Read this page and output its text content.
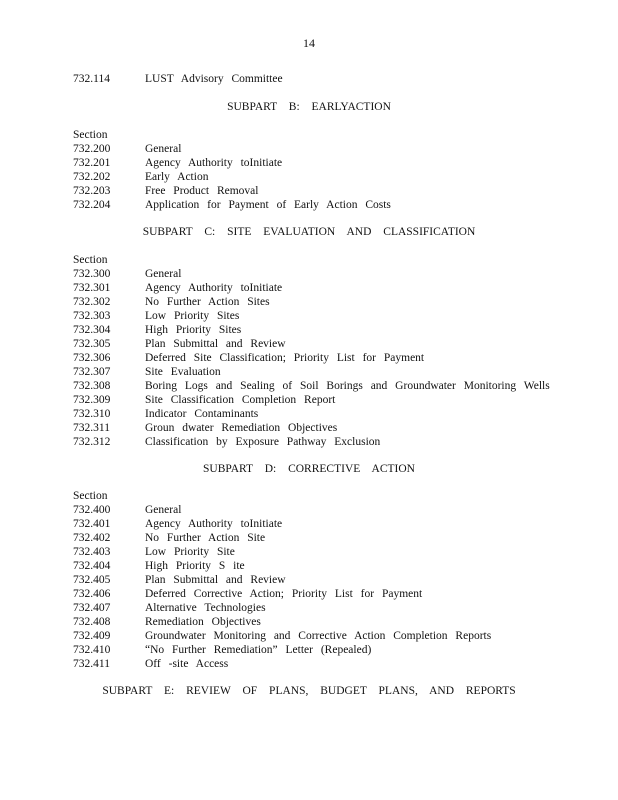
14
732.114	LUST Advisory Committee
SUBPART B: EARLYACTION
Section
732.200	General
732.201	Agency Authority toInitiate
732.202	Early Action
732.203	Free Product Removal
732.204	Application for Payment of Early Action Costs
SUBPART C: SITE EVALUATION AND CLASSIFICATION
Section
732.300	General
732.301	Agency Authority toInitiate
732.302	No Further Action Sites
732.303	Low Priority Sites
732.304	High Priority Sites
732.305	Plan Submittal and Review
732.306	Deferred Site Classification; Priority List for Payment
732.307	Site Evaluation
732.308	Boring Logs and Sealing of Soil Borings and Groundwater Monitoring Wells
732.309	Site Classification Completion Report
732.310	Indicator Contaminants
732.311	Groun dwater Remediation Objectives
732.312	Classification by Exposure Pathway Exclusion
SUBPART D: CORRECTIVE ACTION
Section
732.400	General
732.401	Agency Authority toInitiate
732.402	No Further Action Site
732.403	Low Priority Site
732.404	High Priority S ite
732.405	Plan Submittal and Review
732.406	Deferred Corrective Action; Priority List for Payment
732.407	Alternative Technologies
732.408	Remediation Objectives
732.409	Groundwater Monitoring and Corrective Action Completion Reports
732.410	“No Further Remediation” Letter (Repealed)
732.411	Off -site Access
SUBPART E: REVIEW OF PLANS, BUDGET PLANS, AND REPORTS
